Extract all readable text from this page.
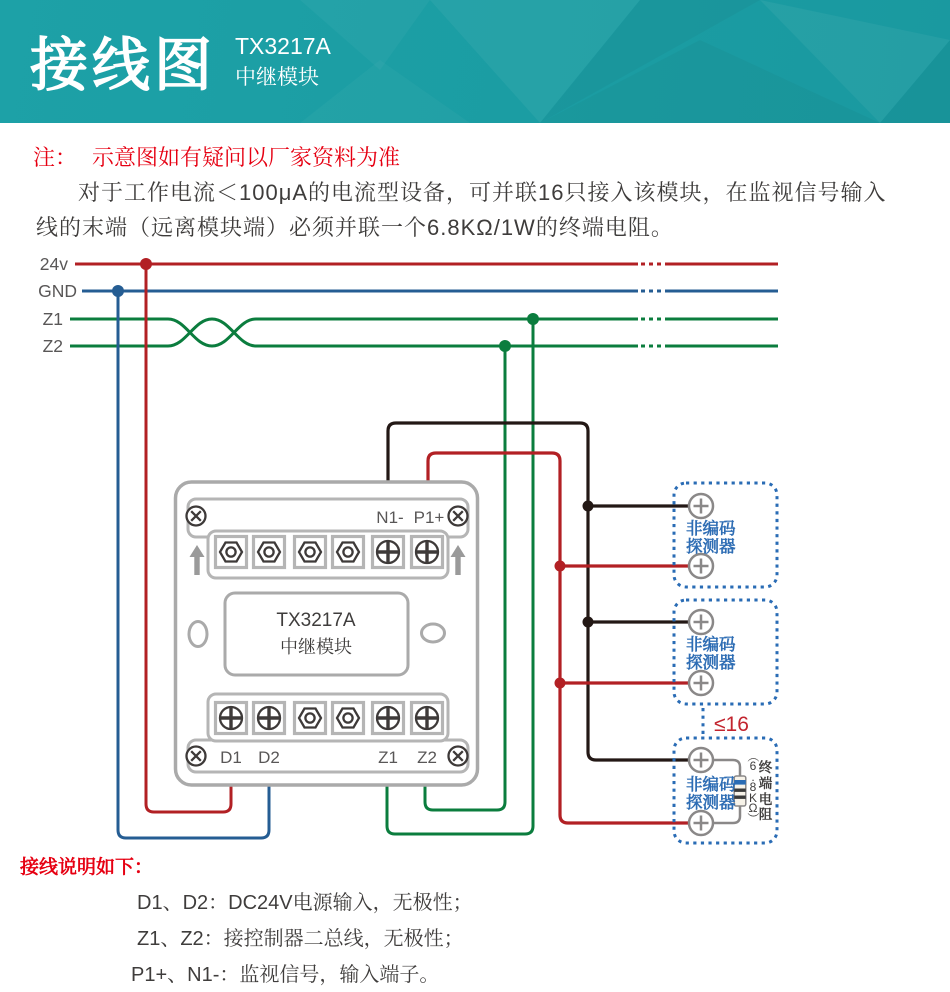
接线图 TX3217A
中继模块
注： 示意图如有疑问以厂家资料为准
对于工作电流＜100μA的电流型设备，可并联16只接入该模块，在监视信号输入
线的末端（远离模块端）必须并联一个6.8KΩ/1W的终端电阻。
24v
GND
Z1
Z2
TX3217A
中继模块
N1- P1+
D1 D2	Z1 Z2
非编码
探测器
非编码
探测器
≤16
非编码
探测器
（
6
.
8
K
Ω
）
终
端
电
阻
接线说明如下：
D1、D2：DC24V电源输入，无极性；
Z1、Z2：接控制器二总线，无极性；
P1+、N1-：监视信号，输入端子。
